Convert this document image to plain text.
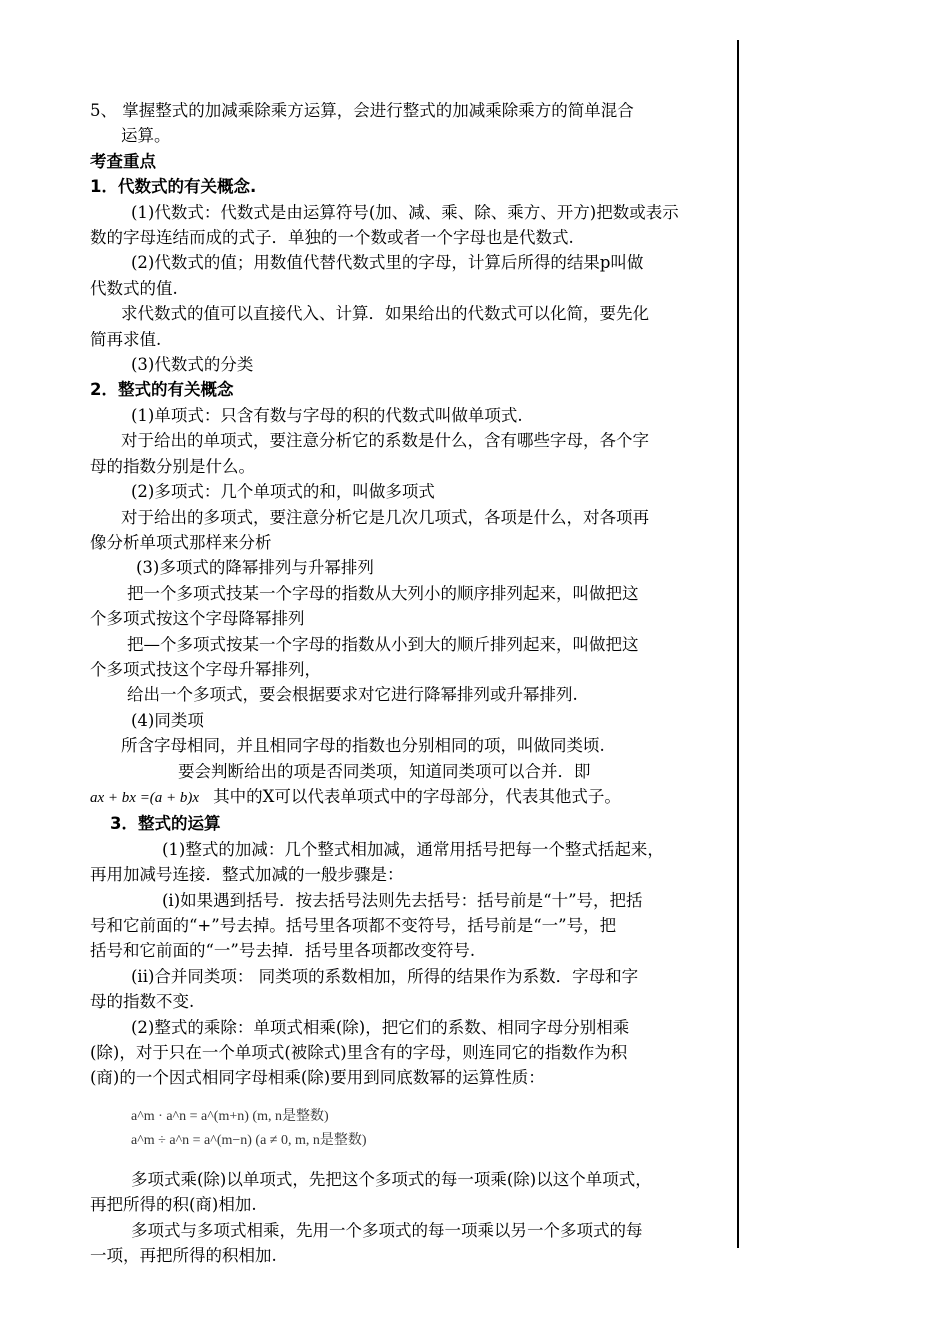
5、 掌握整式的加减乘除乘方运算，会进行整式的加减乘除乘方的简单混合

运算。

考查重点

1．代数式的有关概念.

(1)代数式：代数式是由运算符号(加、减、乘、除、乘方、开方)把数或表示

数的字母连结而成的式子．单独的一个数或者一个字母也是代数式.

(2)代数式的值；用数值代替代数式里的字母，计算后所得的结果p叫做

代数式的值.

求代数式的值可以直接代入、计算．如果给出的代数式可以化简，要先化

简再求值.

(3)代数式的分类

2．整式的有关概念

(1)单项式：只含有数与字母的积的代数式叫做单项式.

对于给出的单项式，要注意分析它的系数是什么，含有哪些字母，各个字

母的指数分别是什么。

(2)多项式：几个单项式的和，叫做多项式

对于给出的多项式，要注意分析它是几次几项式，各项是什么，对各项再

像分析单项式那样来分析

(3)多项式的降幂排列与升幂排列

把一个多项式技某一个字母的指数从大列小的顺序排列起来，叫做把这

个多项式按这个字母降幂排列

把—个多项式按某一个字母的指数从小到大的顺斤排列起来，叫做把这

个多项式技这个字母升幂排列，

给出一个多项式，要会根据要求对它进行降幂排列或升幂排列.

(4)同类项

所含字母相同，并且相同字母的指数也分别相同的项，叫做同类顷.

要会判断给出的项是否同类项，知道同类项可以合并．即

ax + bx =(a + b)x 其中的X可以代表单项式中的字母部分，代表其他式子。

3．整式的运算

(1)整式的加减：几个整式相加减，通常用括号把每一个整式括起来，

再用加减号连接．整式加减的一般步骤是：

(i)如果遇到括号．按去括号法则先去括号：括号前是“十”号，把括

号和它前面的“+”号去掉。括号里各项都不变符号，括号前是“一”号，把

括号和它前面的“一”号去掉．括号里各项都改变符号.

(ii)合并同类项： 同类项的系数相加，所得的结果作为系数．字母和字

母的指数不变.

(2)整式的乘除：单项式相乘(除)，把它们的系数、相同字母分别相乘

(除)，对于只在一个单项式(被除式)里含有的字母，则连同它的指数作为积

(商)的一个因式相同字母相乘(除)要用到同底数幂的运算性质：

a^m · a^n = a^(m+n) (m, n是整数)

a^m ÷ a^n = a^(m−n) (a ≠ 0, m, n是整数)

多项式乘(除)以单项式，先把这个多项式的每一项乘(除)以这个单项式，

再把所得的积(商)相加.

多项式与多项式相乘，先用一个多项式的每一项乘以另一个多项式的每

一项，再把所得的积相加.
